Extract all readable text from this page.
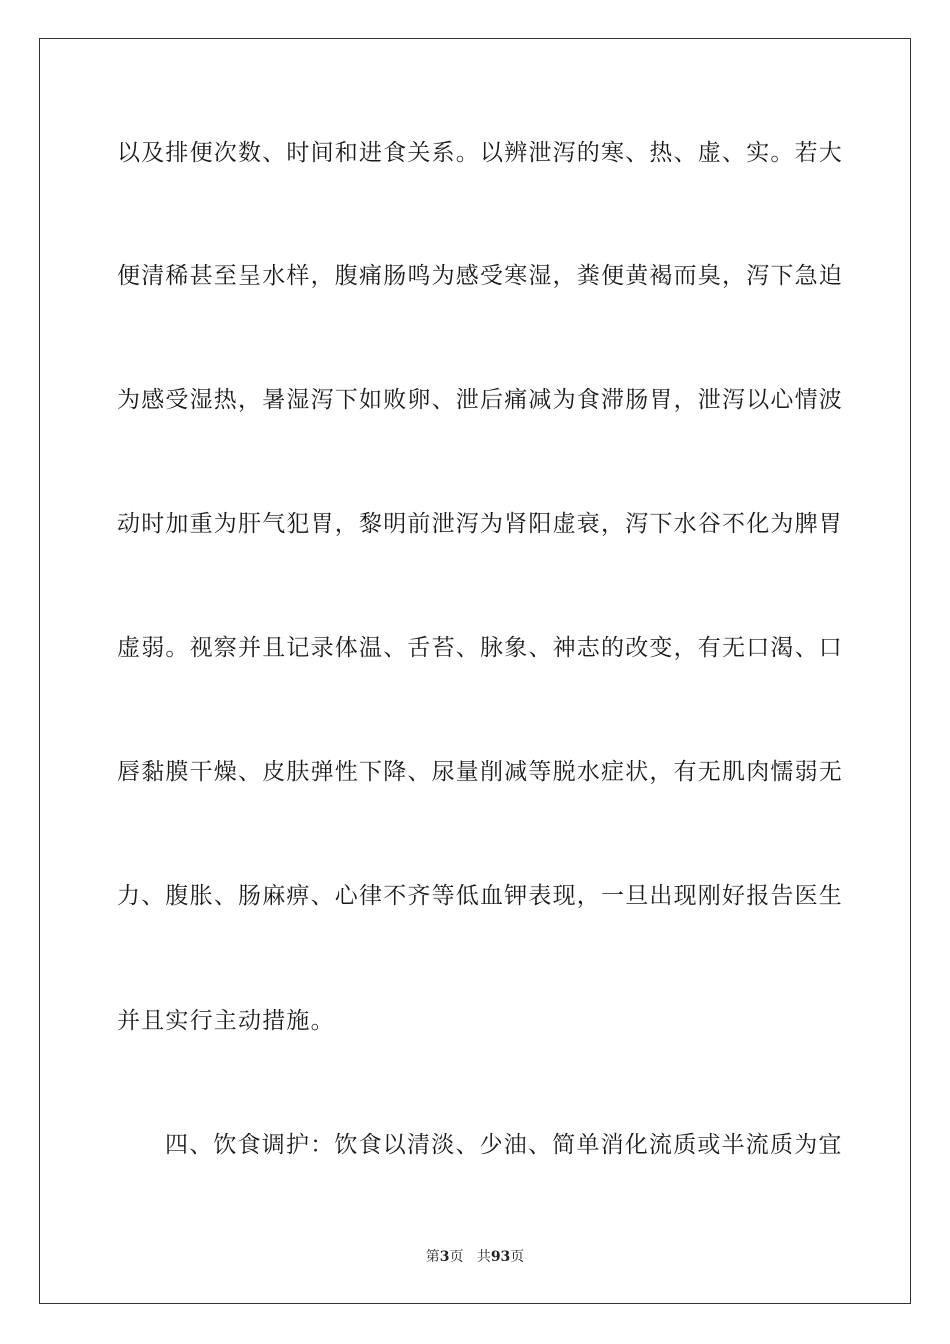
以及排便次数、时间和进食关系。以辨泄泻的寒、热、虚、实。若大
便清稀甚至呈水样，腹痛肠鸣为感受寒湿，粪便黄褐而臭，泻下急迫
为感受湿热，暑湿泻下如败卵、泄后痛减为食滞肠胃，泄泻以心情波
动时加重为肝气犯胃，黎明前泄泻为肾阳虚衰，泻下水谷不化为脾胃
虚弱。视察并且记录体温、舌苔、脉象、神志的改变，有无口渴、口
唇黏膜干燥、皮肤弹性下降、尿量削减等脱水症状，有无肌肉懦弱无
力、腹胀、肠麻痹、心律不齐等低血钾表现，一旦出现刚好报告医生
并且实行主动措施。
四、饮食调护：饮食以清淡、少油、简单消化流质或半流质为宜
第3页 共93页
